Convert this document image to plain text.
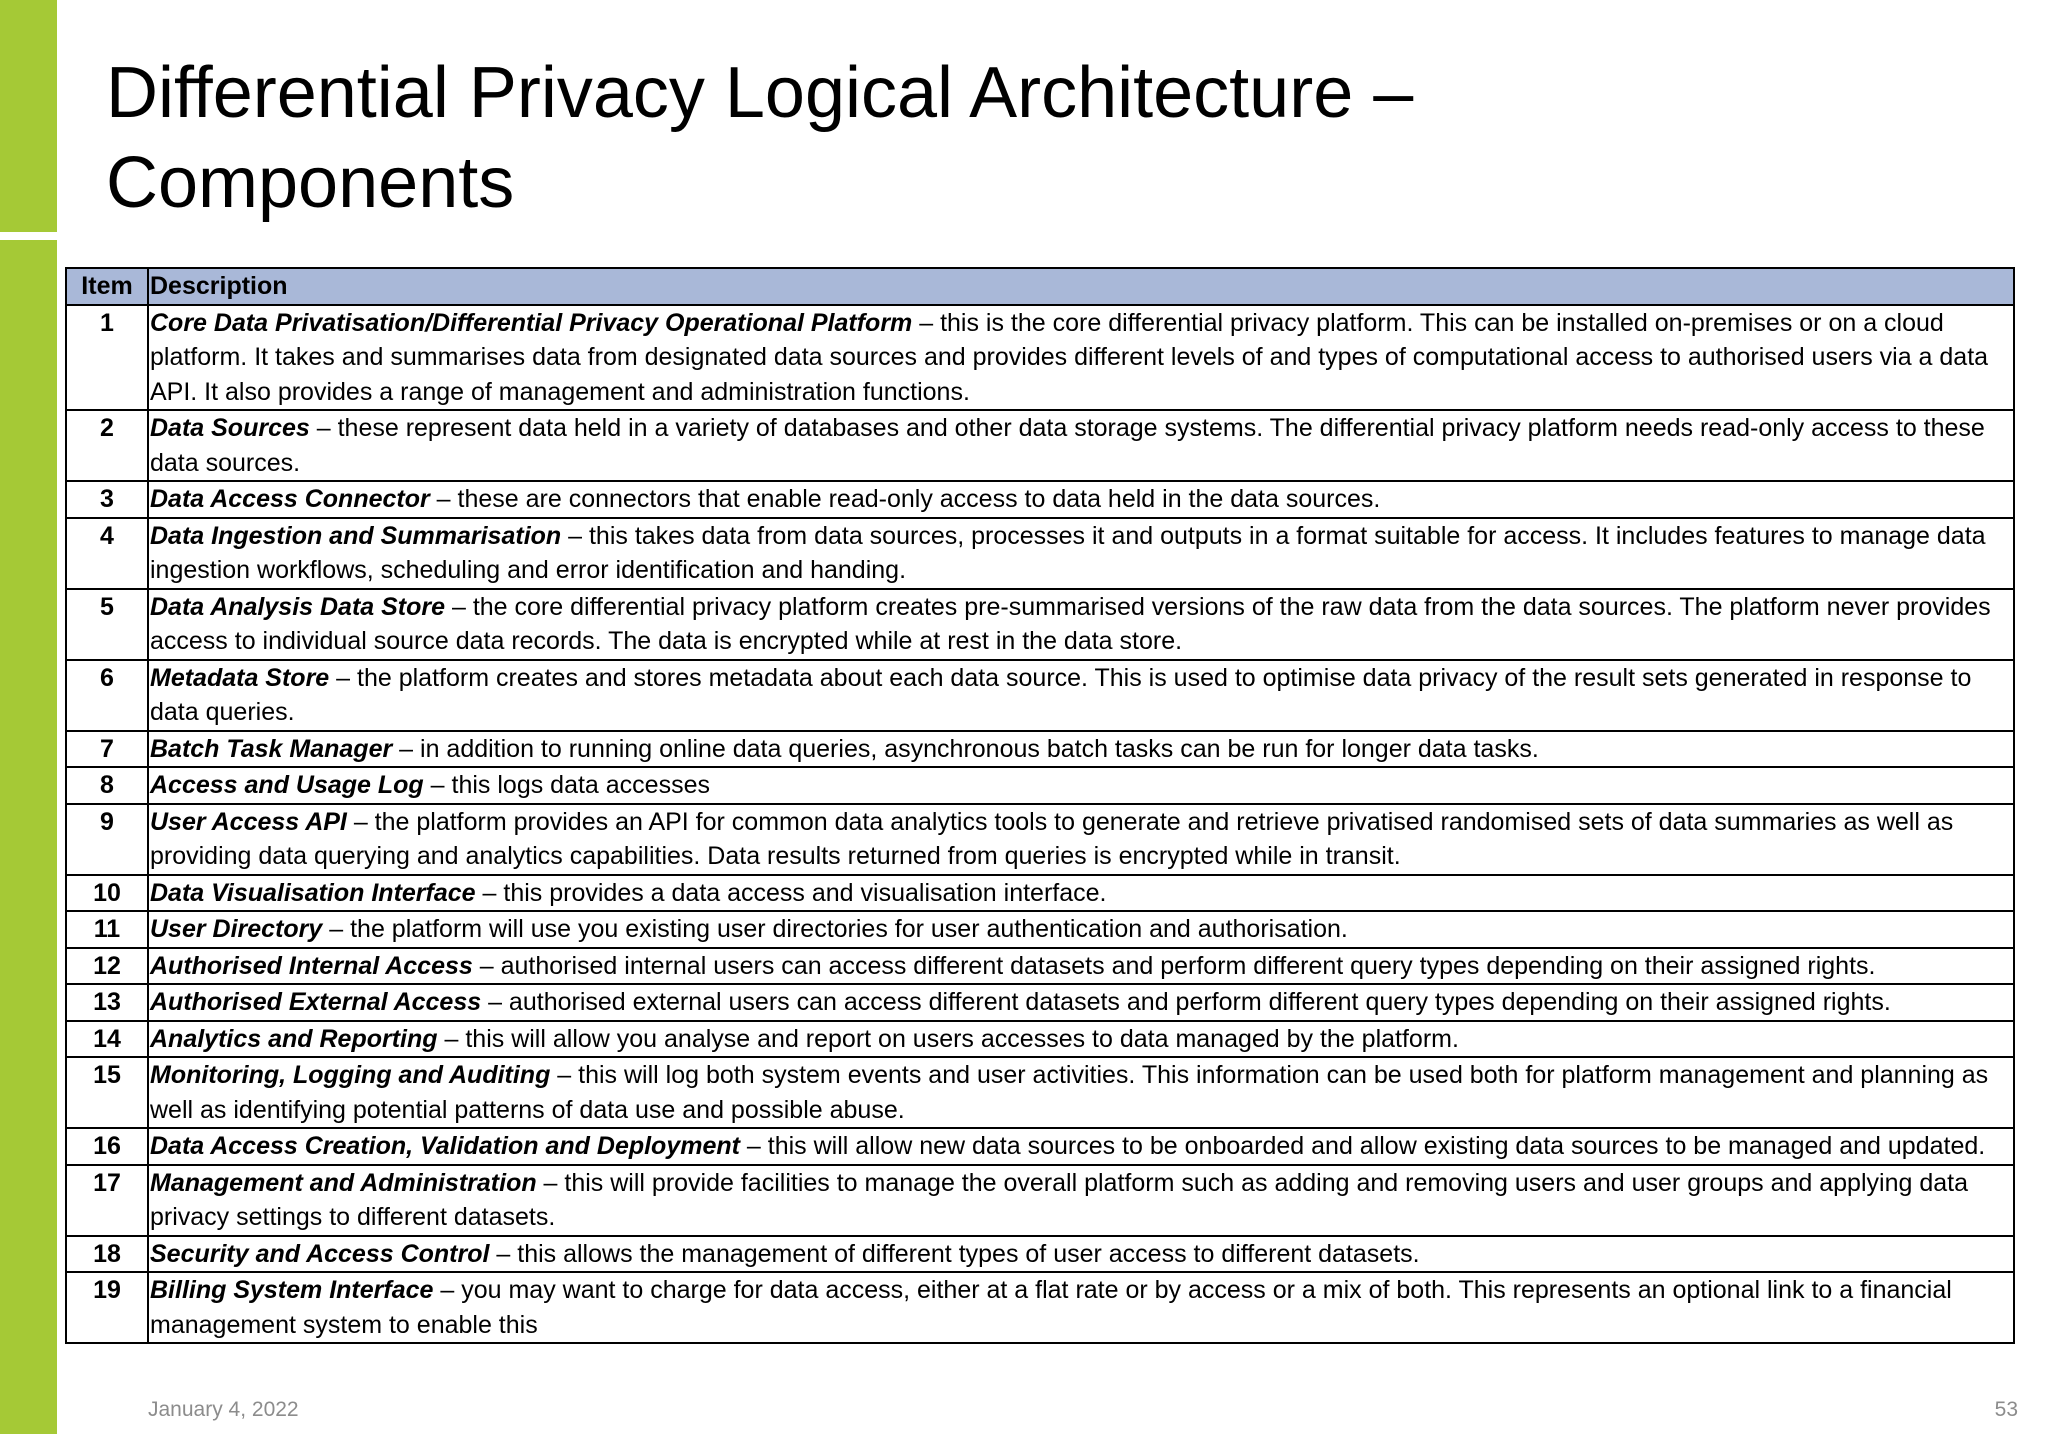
Differential Privacy Logical Architecture – Components
Item	Description
1	Core Data Privatisation/Differential Privacy Operational Platform – this is the core differential privacy platform. This can be installed on-premises or on a cloud platform. It takes and summarises data from designated data sources and provides different levels of and types of computational access to authorised users via a data API. It also provides a range of management and administration functions.
2	Data Sources – these represent data held in a variety of databases and other data storage systems. The differential privacy platform needs read-only access to these data sources.
3	Data Access Connector – these are connectors that enable read-only access to data held in the data sources.
4	Data Ingestion and Summarisation – this takes data from data sources, processes it and outputs in a format suitable for access. It includes features to manage data ingestion workflows, scheduling and error identification and handing.
5	Data Analysis Data Store – the core differential privacy platform creates pre-summarised versions of the raw data from the data sources. The platform never provides access to individual source data records. The data is encrypted while at rest in the data store.
6	Metadata Store – the platform creates and stores metadata about each data source. This is used to optimise data privacy of the result sets generated in response to data queries.
7	Batch Task Manager – in addition to running online data queries, asynchronous batch tasks can be run for longer data tasks.
8	Access and Usage Log – this logs data accesses
9	User Access API – the platform provides an API for common data analytics tools to generate and retrieve privatised randomised sets of data summaries as well as providing data querying and analytics capabilities. Data results returned from queries is encrypted while in transit.
10	Data Visualisation Interface – this provides a data access and visualisation interface.
11	User Directory – the platform will use you existing user directories for user authentication and authorisation.
12	Authorised Internal Access – authorised internal users can access different datasets and perform different query types depending on their assigned rights.
13	Authorised External Access – authorised external users can access different datasets and perform different query types depending on their assigned rights.
14	Analytics and Reporting – this will allow you analyse and report on users accesses to data managed by the platform.
15	Monitoring, Logging and Auditing – this will log both system events and user activities. This information can be used both for platform management and planning as well as identifying potential patterns of data use and possible abuse.
16	Data Access Creation, Validation and Deployment – this will allow new data sources to be onboarded and allow existing data sources to be managed and updated.
17	Management and Administration – this will provide facilities to manage the overall platform such as adding and removing users and user groups and applying data privacy settings to different datasets.
18	Security and Access Control – this allows the management of different types of user access to different datasets.
19	Billing System Interface – you may want to charge for data access, either at a flat rate or by access or a mix of both. This represents an optional link to a financial management system to enable this
January 4, 2022	53
